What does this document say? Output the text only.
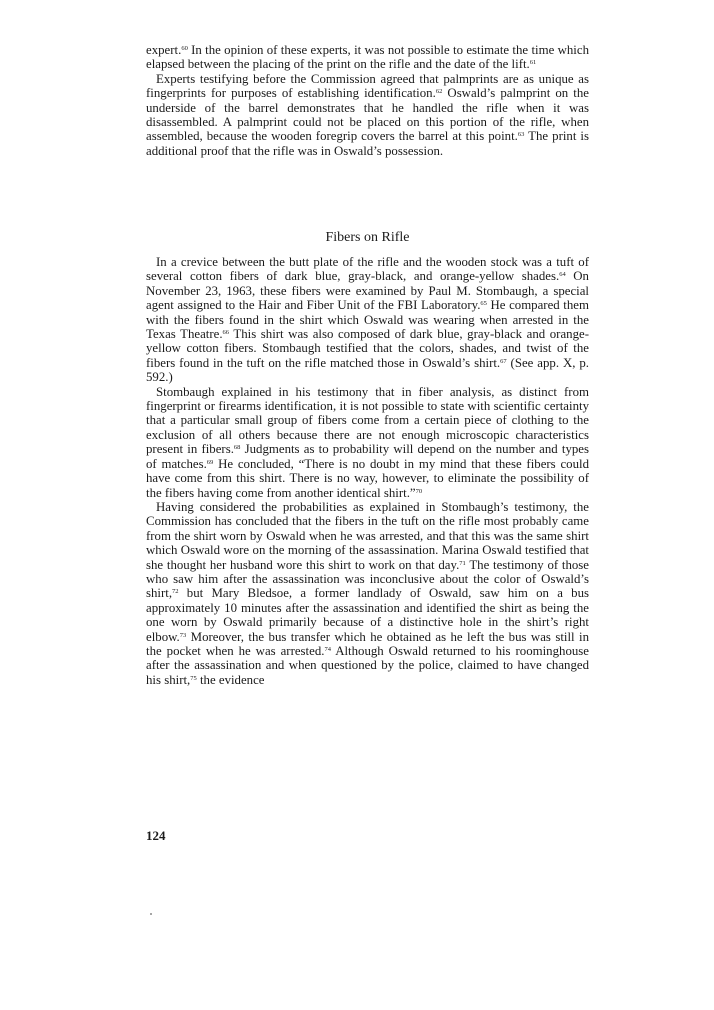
expert.$^{60}$ In the opinion of these experts, it was not possible to estimate the time which elapsed between the placing of the print on the rifle and the date of the lift.$^{61}$

Experts testifying before the Commission agreed that palmprints are as unique as fingerprints for purposes of establishing identification.$^{62}$ Oswald’s palmprint on the underside of the barrel demonstrates that he handled the rifle when it was disassembled. A palmprint could not be placed on this portion of the rifle, when assembled, because the wooden foregrip covers the barrel at this point.$^{63}$ The print is additional proof that the rifle was in Oswald’s possession.

Fibers on Rifle

In a crevice between the butt plate of the rifle and the wooden stock was a tuft of several cotton fibers of dark blue, gray-black, and orange-yellow shades.$^{64}$ On November 23, 1963, these fibers were examined by Paul M. Stombaugh, a special agent assigned to the Hair and Fiber Unit of the FBI Laboratory.$^{65}$ He compared them with the fibers found in the shirt which Oswald was wearing when arrested in the Texas Theatre.$^{66}$ This shirt was also composed of dark blue, gray-black and orange-yellow cotton fibers. Stombaugh testified that the colors, shades, and twist of the fibers found in the tuft on the rifle matched those in Oswald’s shirt.$^{67}$ (See app. X, p. 592.)

Stombaugh explained in his testimony that in fiber analysis, as distinct from fingerprint or firearms identification, it is not possible to state with scientific certainty that a particular small group of fibers come from a certain piece of clothing to the exclusion of all others because there are not enough microscopic characteristics present in fibers.$^{68}$ Judgments as to probability will depend on the number and types of matches.$^{69}$ He concluded, “There is no doubt in my mind that these fibers could have come from this shirt. There is no way, however, to eliminate the possibility of the fibers having come from another identical shirt.”$^{70}$

Having considered the probabilities as explained in Stombaugh’s testimony, the Commission has concluded that the fibers in the tuft on the rifle most probably came from the shirt worn by Oswald when he was arrested, and that this was the same shirt which Oswald wore on the morning of the assassination. Marina Oswald testified that she thought her husband wore this shirt to work on that day.$^{71}$ The testimony of those who saw him after the assassination was inconclusive about the color of Oswald’s shirt,$^{72}$ but Mary Bledsoe, a former landlady of Oswald, saw him on a bus approximately 10 minutes after the assassination and identified the shirt as being the one worn by Oswald primarily because of a distinctive hole in the shirt’s right elbow.$^{73}$ Moreover, the bus transfer which he obtained as he left the bus was still in the pocket when he was arrested.$^{74}$ Although Oswald returned to his roominghouse after the assassination and when questioned by the police, claimed to have changed his shirt,$^{75}$ the evidence

124
